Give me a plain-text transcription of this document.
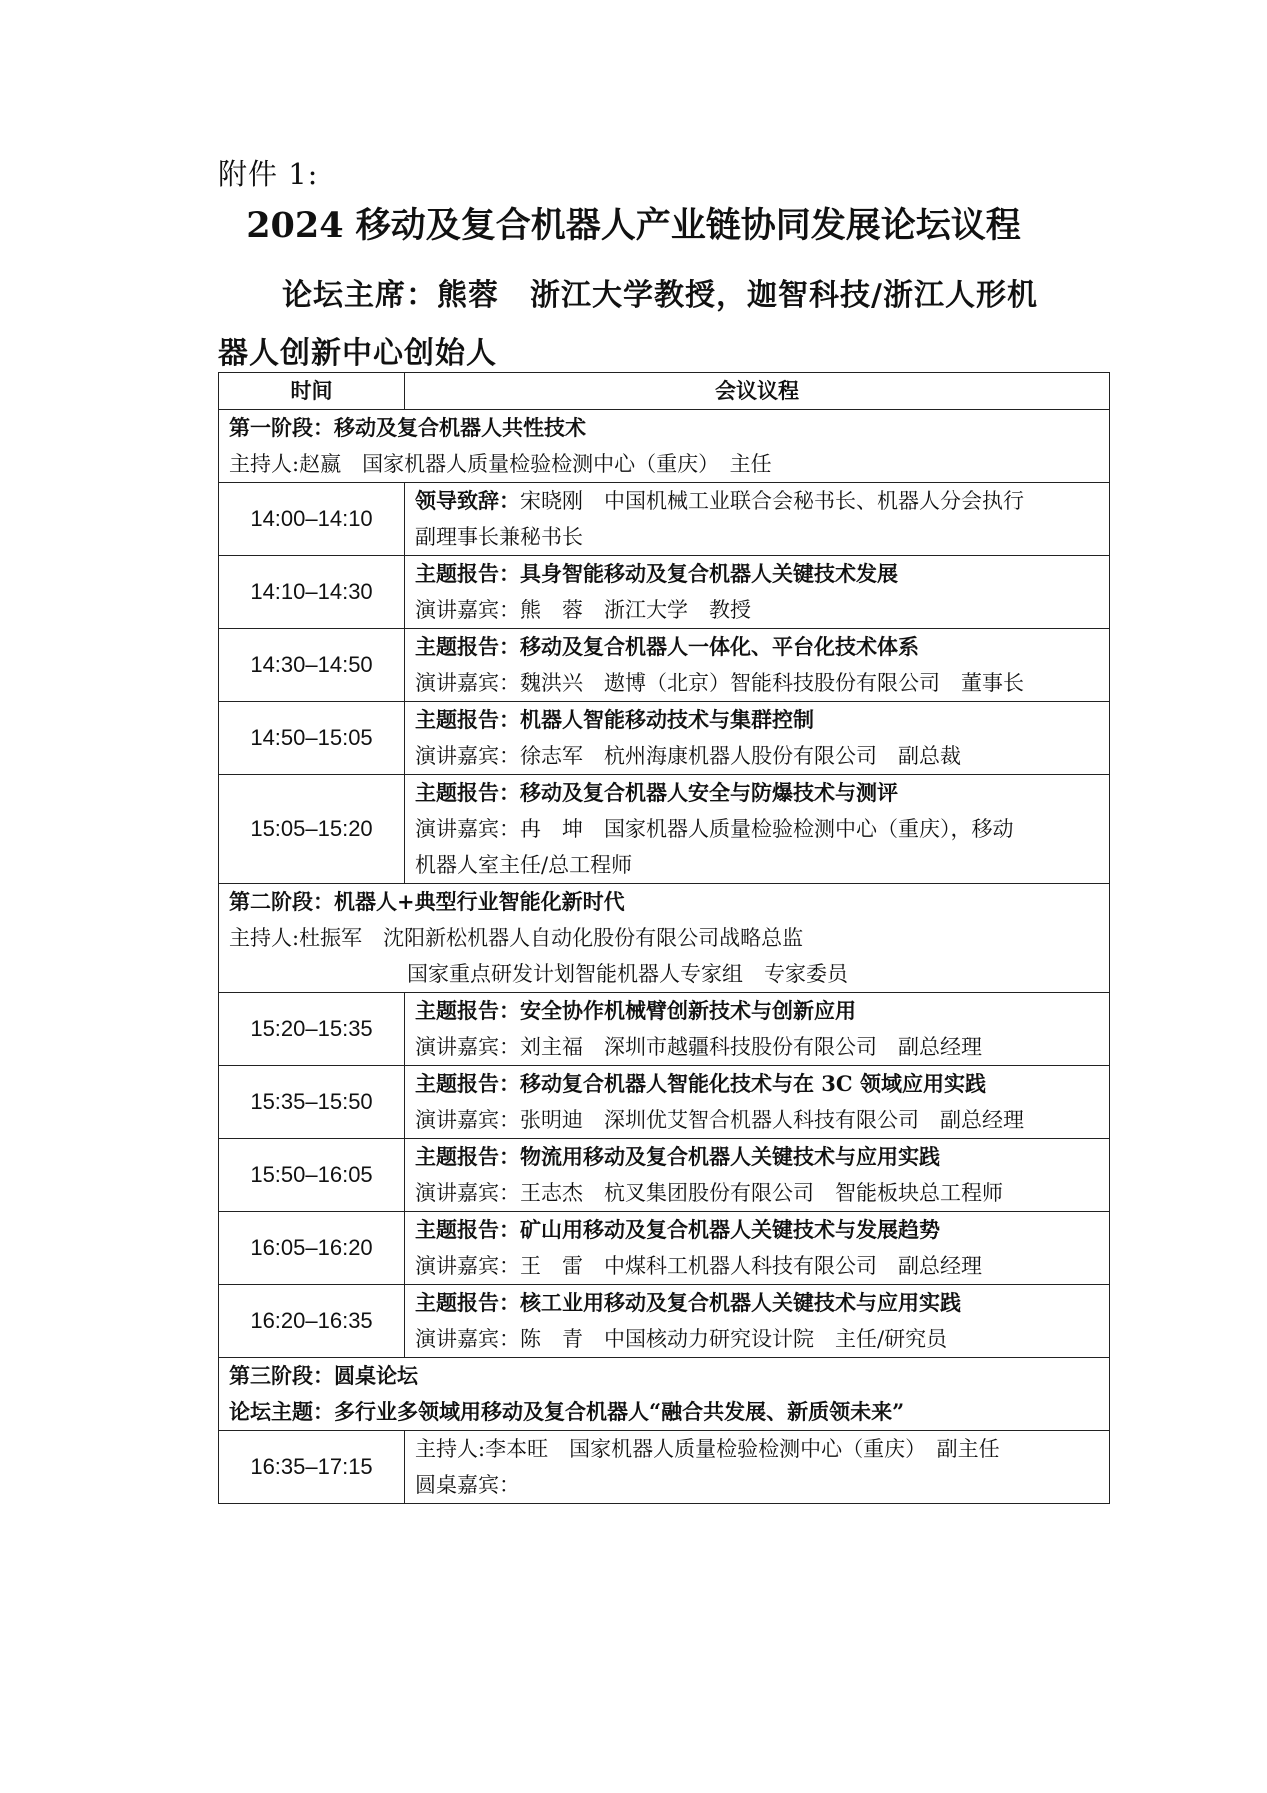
附件 1:
2024 移动及复合机器人产业链协同发展论坛议程
论坛主席：熊蓉　浙江大学教授，迦智科技/浙江人形机
器人创新中心创始人
时间	会议议程

第一阶段：移动及复合机器人共性技术
主持人:赵嬴　国家机器人质量检验检测中心（重庆）　主任	

14:00–14:10	领导致辞：宋晓刚　中国机械工业联合会秘书长、机器人分会执行
副理事长兼秘书长

14:10–14:30	主题报告：具身智能移动及复合机器人关键技术发展
演讲嘉宾：熊　蓉　浙江大学　教授

14:30–14:50	主题报告：移动及复合机器人一体化、平台化技术体系
演讲嘉宾：魏洪兴　遨博（北京）智能科技股份有限公司　董事长

14:50–15:05	主题报告：机器人智能移动技术与集群控制
演讲嘉宾：徐志军　杭州海康机器人股份有限公司　副总裁

15:05–15:20	主题报告：移动及复合机器人安全与防爆技术与测评
演讲嘉宾：冉　坤　国家机器人质量检验检测中心（重庆），移动
机器人室主任/总工程师

第二阶段：机器人+典型行业智能化新时代
主持人:杜振军　沈阳新松机器人自动化股份有限公司战略总监
国家重点研发计划智能机器人专家组　专家委员	

15:20–15:35	主题报告：安全协作机械臂创新技术与创新应用
演讲嘉宾：刘主福　深圳市越疆科技股份有限公司　副总经理

15:35–15:50	主题报告：移动复合机器人智能化技术与在 3C 领域应用实践
演讲嘉宾：张明迪　深圳优艾智合机器人科技有限公司　副总经理

15:50–16:05	主题报告：物流用移动及复合机器人关键技术与应用实践
演讲嘉宾：王志杰　杭叉集团股份有限公司　智能板块总工程师

16:05–16:20	主题报告：矿山用移动及复合机器人关键技术与发展趋势
演讲嘉宾：王　雷　中煤科工机器人科技有限公司　副总经理

16:20–16:35	主题报告：核工业用移动及复合机器人关键技术与应用实践
演讲嘉宾：陈　青　中国核动力研究设计院　主任/研究员

第三阶段：圆桌论坛
论坛主题：多行业多领域用移动及复合机器人“融合共发展、新质领未来”	

16:35–17:15	主持人:李本旺　国家机器人质量检验检测中心（重庆）　副主任
圆桌嘉宾：
